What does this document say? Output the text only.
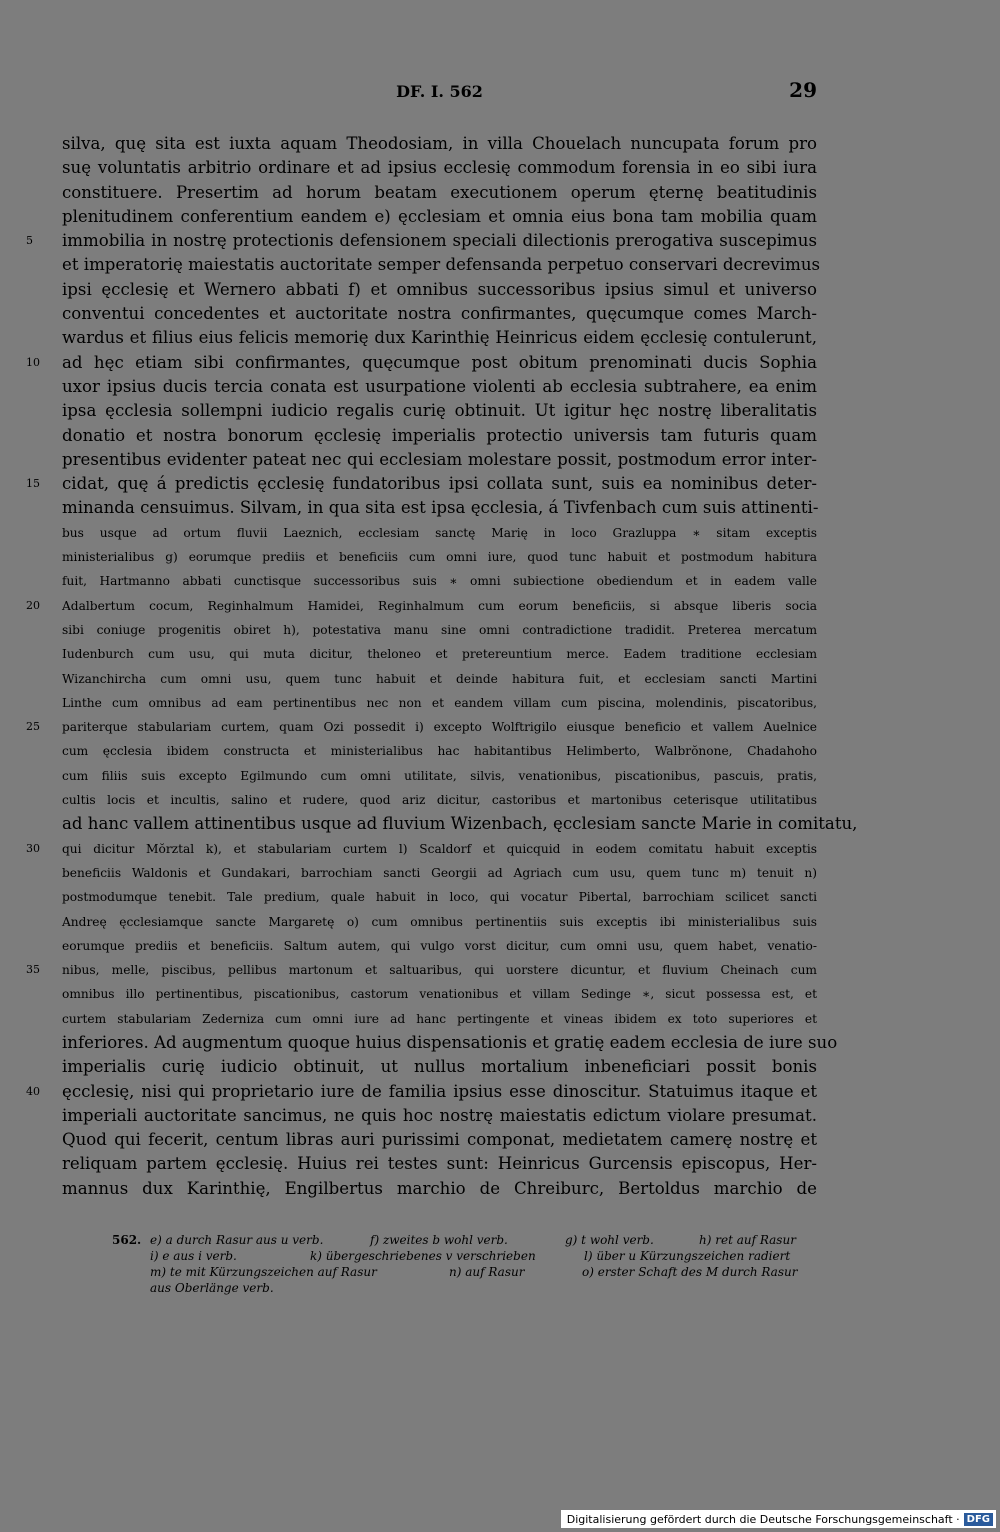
DF. I. 562	29
silva, quę sita est iuxta aquam Theodosiam, in villa Chouelach nuncupata forum pro
suę voluntatis arbitrio ordinare et ad ipsius ecclesię commodum forensia in eo sibi iura
constituere. Presertim ad horum beatam executionem operum ęternę beatitudinis
plenitudinem conferentium eandem e) ęcclesiam et omnia eius bona tam mobilia quam
5	immobilia in nostrę protectionis defensionem speciali dilectionis prerogativa suscepimus
et imperatorię maiestatis auctoritate semper defensanda perpetuo conservari decrevimus
ipsi ęcclesię et Wernero abbati f) et omnibus successoribus ipsius simul et universo
conventui concedentes et auctoritate nostra confirmantes, quęcumque comes March-
wardus et filius eius felicis memorię dux Karinthię Heinricus eidem ęcclesię contulerunt,
10	ad hęc etiam sibi confirmantes, quęcumque post obitum prenominati ducis Sophia
uxor ipsius ducis tercia conata est usurpatione violenti ab ecclesia subtrahere, ea enim
ipsa ęcclesia sollempni iudicio regalis curię obtinuit. Ut igitur hęc nostrę liberalitatis
donatio et nostra bonorum ęcclesię imperialis protectio universis tam futuris quam
presentibus evidenter pateat nec qui ecclesiam molestare possit, postmodum error inter-
15	cidat, quę á predictis ęcclesię fundatoribus ipsi collata sunt, suis ea nominibus deter-
minanda censuimus. Silvam, in qua sita est ipsa ęcclesia, á Tivfenbach cum suis attinenti-
bus usque ad ortum fluvii Laeznich, ecclesiam sanctę Marię in loco Grazluppa ∗ sitam exceptis
ministerialibus g) eorumque prediis et beneficiis cum omni iure, quod tunc habuit et postmodum habitura
fuit, Hartmanno abbati cunctisque successoribus suis ∗ omni subiectione obediendum et in eadem valle
20	Adalbertum cocum, Reginhalmum Hamidei, Reginhalmum cum eorum beneficiis, si absque liberis socia
sibi coniuge progenitis obiret h), potestativa manu sine omni contradictione tradidit. Preterea mercatum
Iudenburch cum usu, qui muta dicitur, theloneo et pretereuntium merce. Eadem traditione ecclesiam
Wizanchircha cum omni usu, quem tunc habuit et deinde habitura fuit, et ecclesiam sancti Martini
Linthe cum omnibus ad eam pertinentibus nec non et eandem villam cum piscina, molendinis, piscatoribus,
25	pariterque stabulariam curtem, quam Ozi possedit i) excepto Wolftrigilo eiusque beneficio et vallem Auelnice
cum ęcclesia ibidem constructa et ministerialibus hac habitantibus Helimberto, Walbrŏnone, Chadahoho
cum filiis suis excepto Egilmundo cum omni utilitate, silvis, venationibus, piscationibus, pascuis, pratis,
cultis locis et incultis, salino et rudere, quod ariz dicitur, castoribus et martonibus ceterisque utilitatibus
ad hanc vallem attinentibus usque ad fluvium Wizenbach, ęcclesiam sancte Marie in comitatu,
30	qui dicitur Mŏrztal k), et stabulariam curtem l) Scaldorf et quicquid in eodem comitatu habuit exceptis
beneficiis Waldonis et Gundakari, barrochiam sancti Georgii ad Agriach cum usu, quem tunc m) tenuit n)
postmodumque tenebit. Tale predium, quale habuit in loco, qui vocatur Pibertal, barrochiam scilicet sancti
Andreę ęcclesiamque sancte Margaretę o) cum omnibus pertinentiis suis exceptis ibi ministerialibus suis
eorumque prediis et beneficiis. Saltum autem, qui vulgo vorst dicitur, cum omni usu, quem habet, venatio-
35	nibus, melle, piscibus, pellibus martonum et saltuaribus, qui uorstere dicuntur, et fluvium Cheinach cum
omnibus illo pertinentibus, piscationibus, castorum venationibus et villam Sedinge ∗, sicut possessa est, et
curtem stabulariam Zederniza cum omni iure ad hanc pertingente et vineas ibidem ex toto superiores et
inferiores. Ad augmentum quoque huius dispensationis et gratię eadem ecclesia de iure suo
imperialis curię iudicio obtinuit, ut nullus mortalium inbeneficiari possit bonis
40	ęcclesię, nisi qui proprietario iure de familia ipsius esse dinoscitur. Statuimus itaque et
imperiali auctoritate sancimus, ne quis hoc nostrę maiestatis edictum violare presumat.
Quod qui fecerit, centum libras auri purissimi componat, medietatem camerę nostrę et
reliquam partem ęcclesię. Huius rei testes sunt: Heinricus Gurcensis episcopus, Her-
mannus dux Karinthię, Engilbertus marchio de Chreiburc, Bertoldus marchio de
562. e) a durch Rasur aus u verb.	f) zweites b wohl verb.	g) t wohl verb.	h) ret auf Rasur
i) e aus i verb.	k) übergeschriebenes v verschrieben	l) über u Kürzungszeichen radiert
m) te mit Kürzungszeichen auf Rasur	n) auf Rasur	o) erster Schaft des M durch Rasur
aus Oberlänge verb.
Digitalisierung gefördert durch die Deutsche Forschungsgemeinschaft · DFG
